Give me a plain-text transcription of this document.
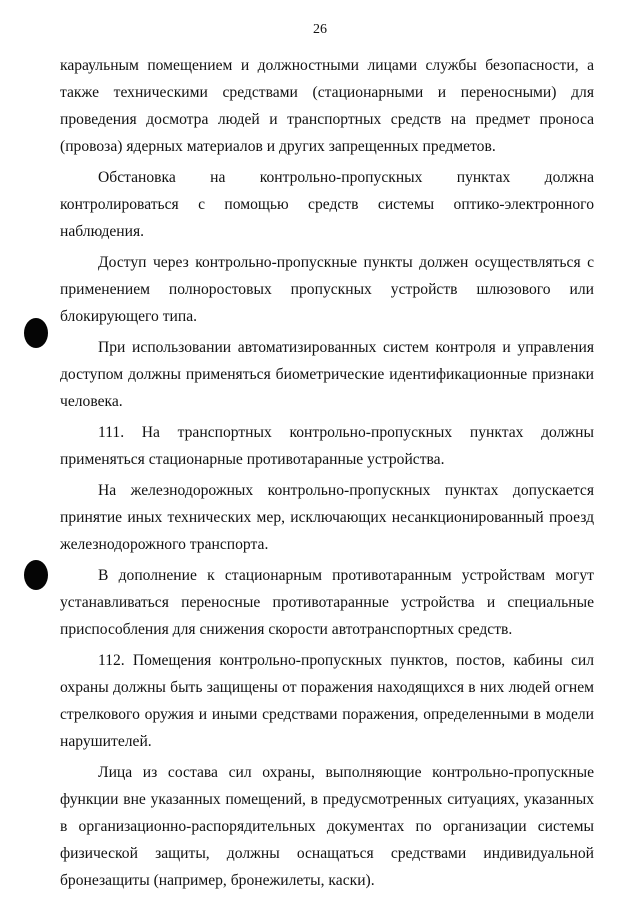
26

караульным помещением и должностными лицами службы безопасности, а также техническими средствами (стационарными и переносными) для проведения досмотра людей и транспортных средств на предмет проноса (провоза) ядерных материалов и других запрещенных предметов.

Обстановка на контрольно-пропускных пунктах должна контролироваться с помощью средств системы оптико-электронного наблюдения.

Доступ через контрольно-пропускные пункты должен осуществляться с применением полноростовых пропускных устройств шлюзового или блокирующего типа.

При использовании автоматизированных систем контроля и управления доступом должны применяться биометрические идентификационные признаки человека.

111. На транспортных контрольно-пропускных пунктах должны применяться стационарные противотаранные устройства.

На железнодорожных контрольно-пропускных пунктах допускается принятие иных технических мер, исключающих несанкционированный проезд железнодорожного транспорта.

В дополнение к стационарным противотаранным устройствам могут устанавливаться переносные противотаранные устройства и специальные приспособления для снижения скорости автотранспортных средств.

112. Помещения контрольно-пропускных пунктов, постов, кабины сил охраны должны быть защищены от поражения находящихся в них людей огнем стрелкового оружия и иными средствами поражения, определенными в модели нарушителей.

Лица из состава сил охраны, выполняющие контрольно-пропускные функции вне указанных помещений, в предусмотренных ситуациях, указанных в организационно-распорядительных документах по организации системы физической защиты, должны оснащаться средствами индивидуальной бронезащиты (например, бронежилеты, каски).
